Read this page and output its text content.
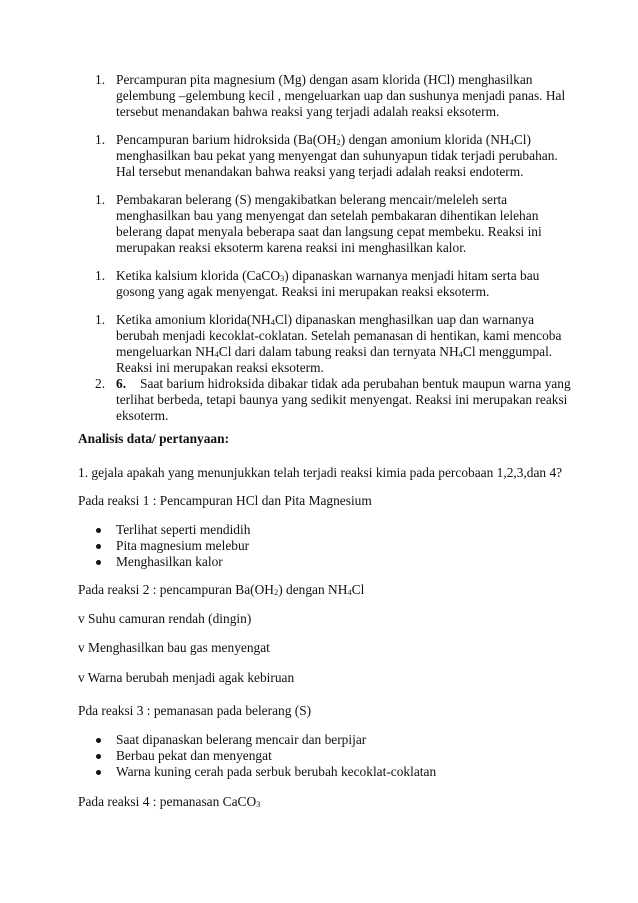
1. Percampuran pita magnesium (Mg) dengan asam klorida (HCl) menghasilkan gelembung –gelembung kecil , mengeluarkan uap dan sushunya menjadi panas. Hal tersebut menandakan bahwa reaksi yang terjadi adalah reaksi eksoterm.
1. Pencampuran barium hidroksida ($Ba(OH_2)$ dengan amonium klorida $(NH_4Cl)$ menghasilkan bau pekat yang menyengat dan suhunyapun tidak terjadi perubahan. Hal tersebut menandakan bahwa reaksi yang terjadi adalah reaksi endoterm.
1. Pembakaran belerang (S) mengakibatkan belerang mencair/meleleh serta menghasilkan bau yang menyengat dan setelah pembakaran dihentikan lelehan belerang dapat menyala beberapa saat dan langsung cepat membeku. Reaksi ini merupakan reaksi eksoterm karena reaksi ini menghasilkan kalor.
1. Ketika kalsium klorida (CaCO$_3$) dipanaskan warnanya menjadi hitam serta bau gosong yang agak menyengat. Reaksi ini merupakan reaksi eksoterm.
1. Ketika amonium $klorida(NH_4Cl)$ dipanaskan menghasilkan uap dan warnanya berubah menjadi kecoklat-coklatan. Setelah pemanasan di hentikan, kami mencoba mengeluarkan $NH_4Cl$ dari dalam tabung reaksi dan ternyata $NH_4Cl$ menggumpal. Reaksi ini merupakan reaksi eksoterm.
2. 6. Saat barium hidroksida dibakar tidak ada perubahan bentuk maupun warna yang terlihat berbeda, tetapi baunya yang sedikit menyengat. Reaksi ini merupakan reaksi eksoterm.
Analisis data/ pertanyaan:
1. gejala apakah yang menunjukkan telah terjadi reaksi kimia pada percobaan 1,2,3,dan 4?
Pada reaksi 1 : Pencampuran HCl dan Pita Magnesium
Terlihat seperti mendidih
Pita magnesium melebur
Menghasilkan kalor
Pada reaksi 2 : pencampuran $Ba(OH_2)$ dengan $NH_4Cl$
v Suhu camuran rendah (dingin)
v Menghasilkan bau gas menyengat
v Warna berubah menjadi agak kebiruan
Pda reaksi 3 : pemanasan pada belerang (S)
Saat dipanaskan belerang mencair dan berpijar
Berbau pekat dan menyengat
Warna kuning cerah pada serbuk berubah kecoklat-coklatan
Pada reaksi 4 : pemanasan CaCO$_3$
